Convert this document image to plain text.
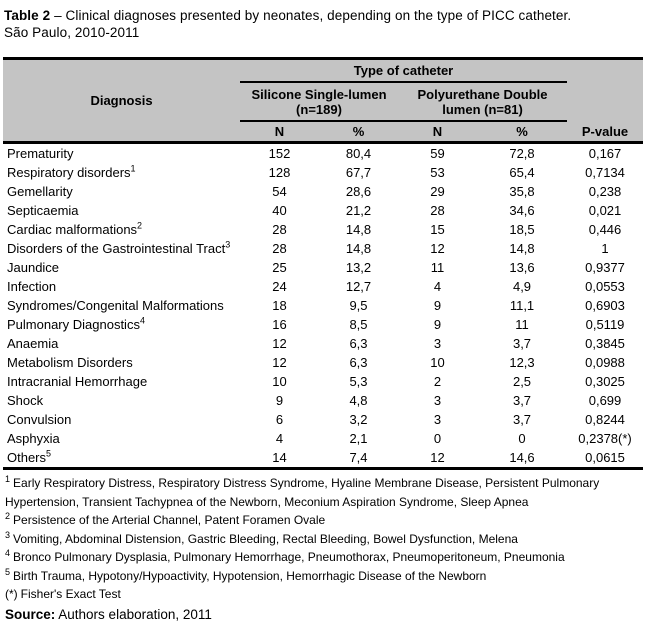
Table 2 – Clinical diagnoses presented by neonates, depending on the type of PICC catheter.
São Paulo, 2010-2011
Diagnosis	Type of catheter				
	Silicone Single-lumen (n=189)		Polyurethane Double lumen (n=81)		
	N	%	N	%	P-value
Prematurity	152	80,4	59	72,8	0,167
Respiratory disorders$^1$	128	67,7	53	65,4	0,7134
Gemellarity	54	28,6	29	35,8	0,238
Septicaemia	40	21,2	28	34,6	0,021
Cardiac malformations$^2$	28	14,8	15	18,5	0,446
Disorders of the Gastrointestinal Tract$^3$	28	14,8	12	14,8	1
Jaundice	25	13,2	11	13,6	0,9377
Infection	24	12,7	4	4,9	0,0553
Syndromes/Congenital Malformations	18	9,5	9	11,1	0,6903
Pulmonary Diagnostics$^4$	16	8,5	9	11	0,5119
Anaemia	12	6,3	3	3,7	0,3845
Metabolism Disorders	12	6,3	10	12,3	0,0988
Intracranial Hemorrhage	10	5,3	2	2,5	0,3025
Shock	9	4,8	3	3,7	0,699
Convulsion	6	3,2	3	3,7	0,8244
Asphyxia	4	2,1	0	0	0,2378(*)
Others$^5$	14	7,4	12	14,6	0,0615
$^1$ Early Respiratory Distress, Respiratory Distress Syndrome, Hyaline Membrane Disease, Persistent Pulmonary Hypertension, Transient Tachypnea of the Newborn, Meconium Aspiration Syndrome, Sleep Apnea
$^2$ Persistence of the Arterial Channel, Patent Foramen Ovale
$^3$ Vomiting, Abdominal Distension, Gastric Bleeding, Rectal Bleeding, Bowel Dysfunction, Melena
$^4$ Bronco Pulmonary Dysplasia, Pulmonary Hemorrhage, Pneumothorax, Pneumoperitoneum, Pneumonia
$^5$ Birth Trauma, Hypotony/Hypoactivity, Hypotension, Hemorrhagic Disease of the Newborn
(*) Fisher's Exact Test
Source: Authors elaboration, 2011
